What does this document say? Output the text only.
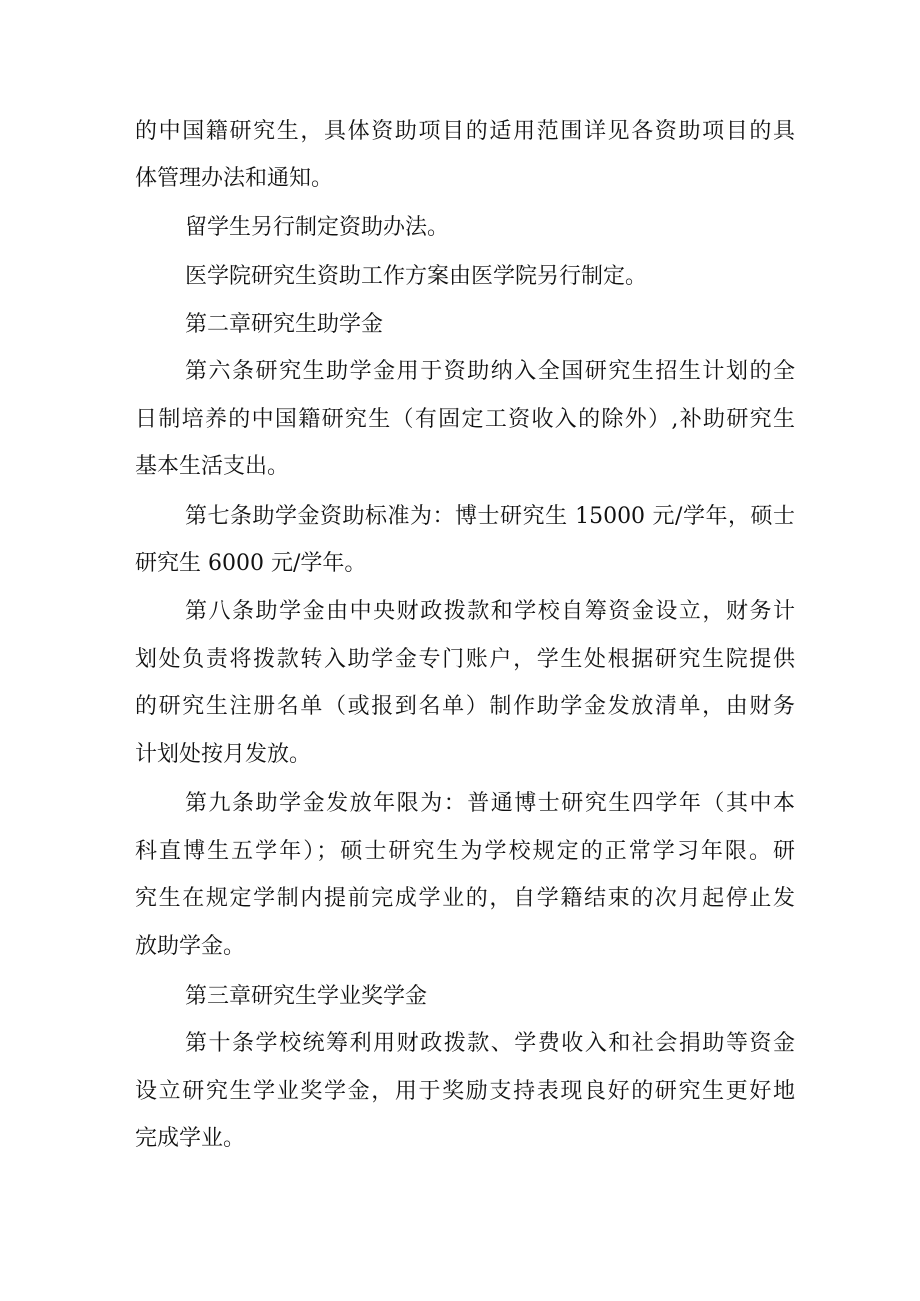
的中国籍研究生，具体资助项目的适用范围详见各资助项目的具
体管理办法和通知。
留学生另行制定资助办法。
医学院研究生资助工作方案由医学院另行制定。
第二章研究生助学金
第六条研究生助学金用于资助纳入全国研究生招生计划的全
日制培养的中国籍研究生（有固定工资收入的除外）,补助研究生
基本生活支出。
第七条助学金资助标准为：博士研究生 15000 元/学年，硕士
研究生 6000 元/学年。
第八条助学金由中央财政拨款和学校自筹资金设立，财务计
划处负责将拨款转入助学金专门账户，学生处根据研究生院提供
的研究生注册名单（或报到名单）制作助学金发放清单，由财务
计划处按月发放。
第九条助学金发放年限为：普通博士研究生四学年（其中本
科直博生五学年）；硕士研究生为学校规定的正常学习年限。研
究生在规定学制内提前完成学业的，自学籍结束的次月起停止发
放助学金。
第三章研究生学业奖学金
第十条学校统筹利用财政拨款、学费收入和社会捐助等资金
设立研究生学业奖学金，用于奖励支持表现良好的研究生更好地
完成学业。
